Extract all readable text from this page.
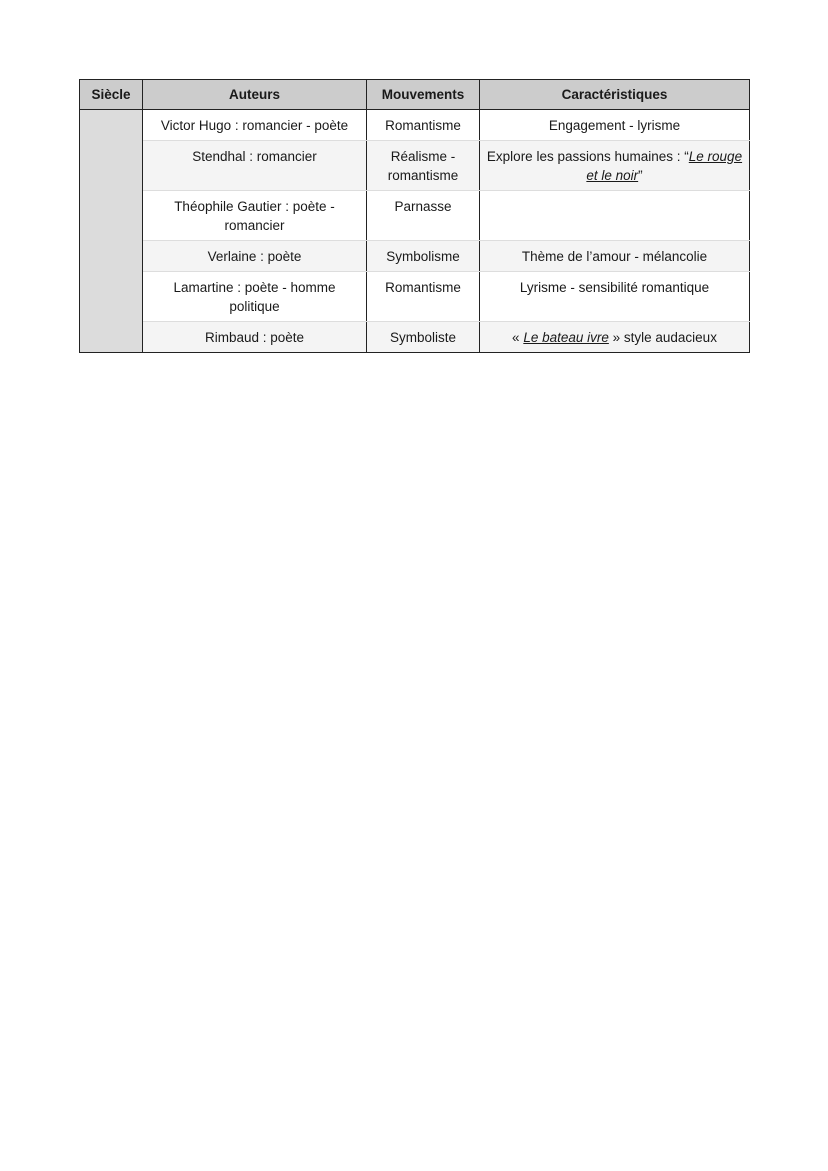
Siècle	Auteurs	Mouvements	Caractéristiques
	Victor Hugo : romancier - poète	Romantisme	Engagement - lyrisme
	Stendhal : romancier	Réalisme - romantisme	Explore les passions humaines : “Le rouge et le noir”
	Théophile Gautier : poète - romancier	Parnasse	
	Verlaine : poète	Symbolisme	Thème de l’amour - mélancolie
	Lamartine : poète - homme politique	Romantisme	Lyrisme - sensibilité romantique
	Rimbaud : poète	Symboliste	« Le bateau ivre » style audacieux
